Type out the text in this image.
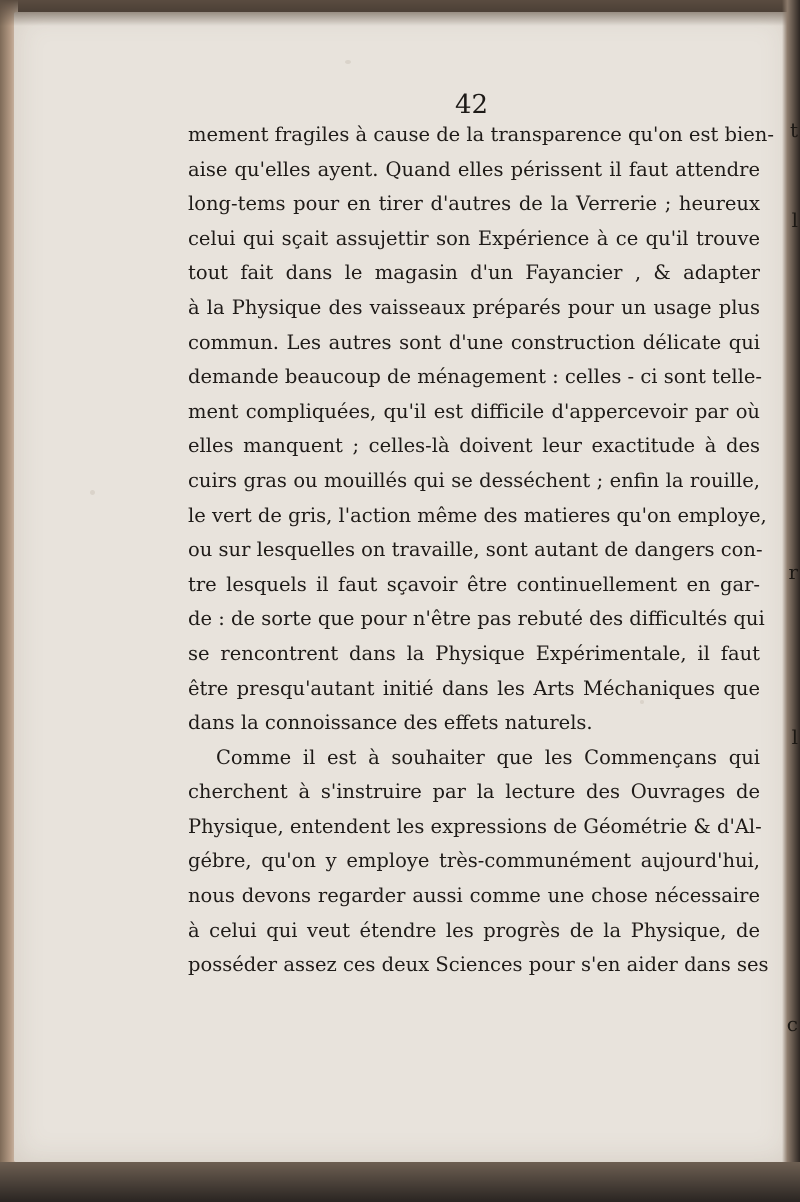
t
l
r
l
c
42
mement fragiles à cause de la transparence qu'on est bien-
aise qu'elles ayent. Quand elles périssent il faut attendre
long-tems pour en tirer d'autres de la Verrerie ; heureux
celui qui sçait assujettir son Expérience à ce qu'il trouve
tout fait dans le magasin d'un Fayancier , & adapter
à la Physique des vaisseaux préparés pour un usage plus
commun. Les autres sont d'une construction délicate qui
demande beaucoup de ménagement : celles - ci sont telle-
ment compliquées, qu'il est difficile d'appercevoir par où
elles manquent ; celles-là doivent leur exactitude à des
cuirs gras ou mouillés qui se desséchent ; enfin la rouille,
le vert de gris, l'action même des matieres qu'on employe,
ou sur lesquelles on travaille, sont autant de dangers con-
tre lesquels il faut sçavoir être continuellement en gar-
de : de sorte que pour n'être pas rebuté des difficultés qui
se rencontrent dans la Physique Expérimentale, il faut
être presqu'autant initié dans les Arts Méchaniques que
dans la connoissance des effets naturels.
Comme il est à souhaiter que les Commençans qui
cherchent à s'instruire par la lecture des Ouvrages de
Physique, entendent les expressions de Géométrie & d'Al-
gébre, qu'on y employe très-communément aujourd'hui,
nous devons regarder aussi comme une chose nécessaire
à celui qui veut étendre les progrès de la Physique, de
posséder assez ces deux Sciences pour s'en aider dans ses
